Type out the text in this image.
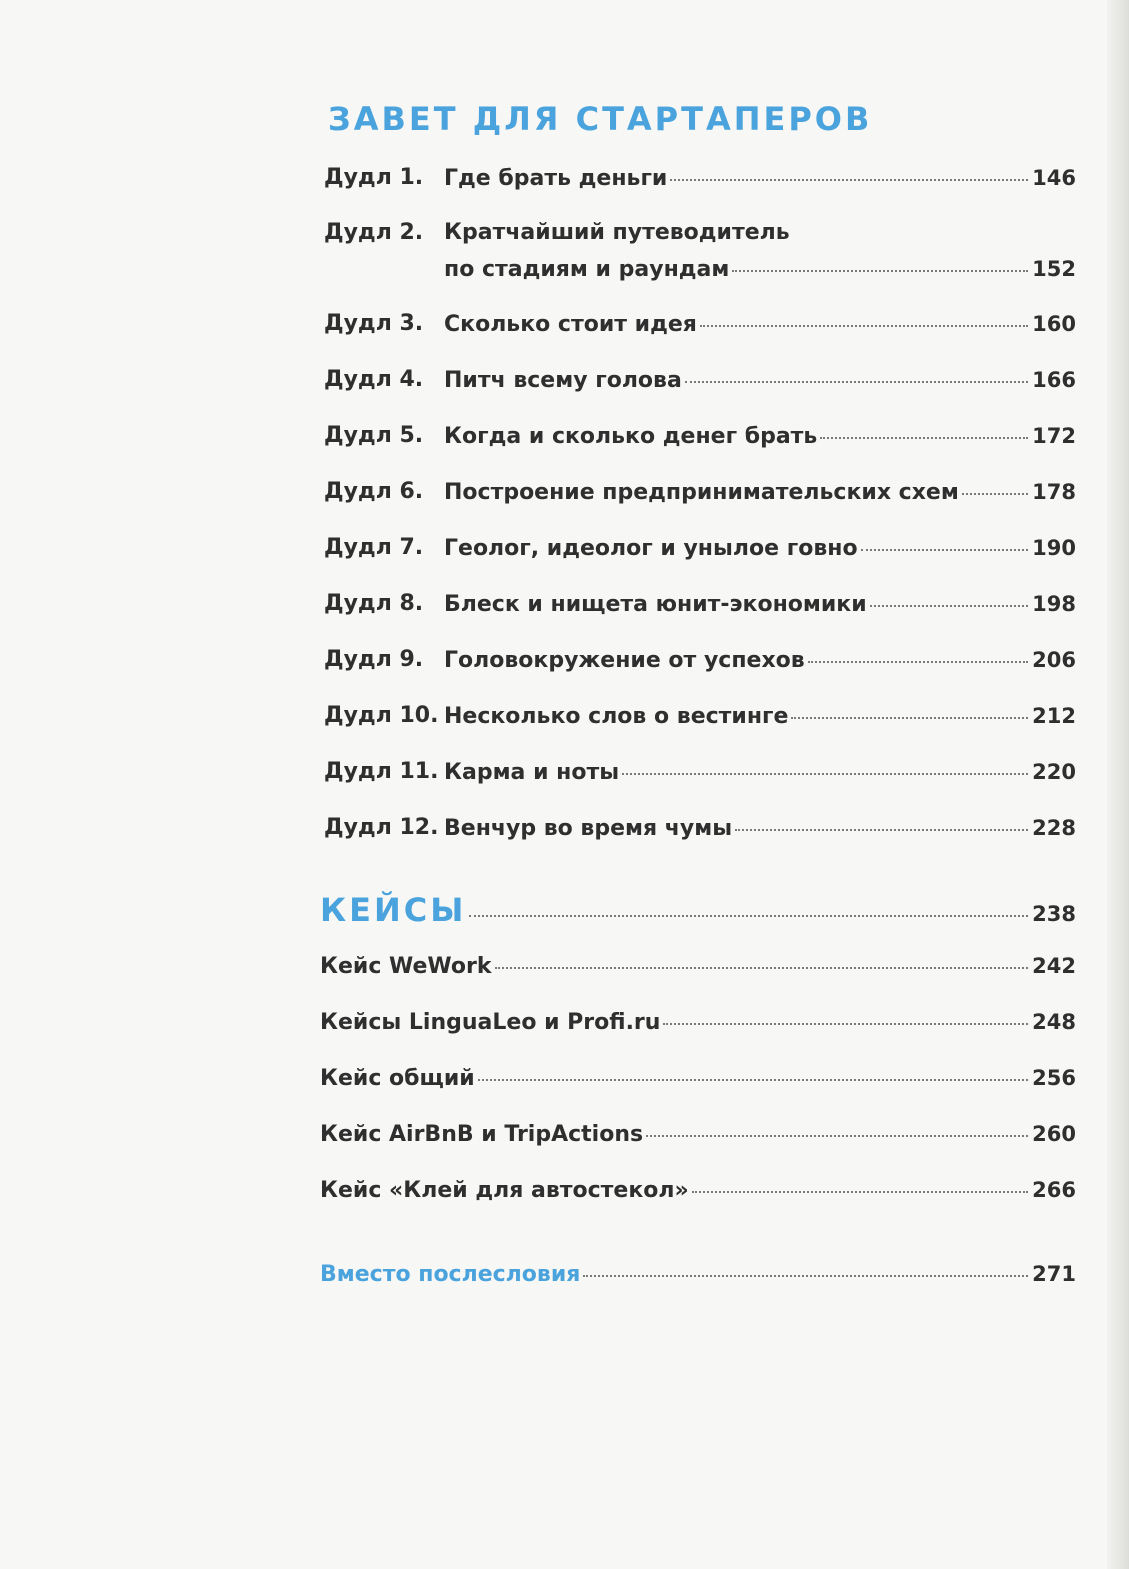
ЗАВЕТ ДЛЯ СТАРТАПЕРОВ
Дудл 1. Где брать деньги	146
Дудл 2. Кратчайший путеводитель
по стадиям и раундам	152
Дудл 3. Сколько стоит идея	160
Дудл 4. Питч всему голова	166
Дудл 5. Когда и сколько денег брать	172
Дудл 6. Построение предпринимательских схем	178
Дудл 7. Геолог, идеолог и унылое говно	190
Дудл 8. Блеск и нищета юнит-экономики	198
Дудл 9. Головокружение от успехов	206
Дудл 10. Несколько слов о вестинге	212
Дудл 11. Карма и ноты	220
Дудл 12. Венчур во время чумы	228
КЕЙСЫ	238
Кейс WeWork	242
Кейсы LinguaLeo и Profi.ru	248
Кейс общий	256
Кейс AirBnB и TripActions	260
Кейс «Клей для автостекол»	266
Вместо послесловия	271
